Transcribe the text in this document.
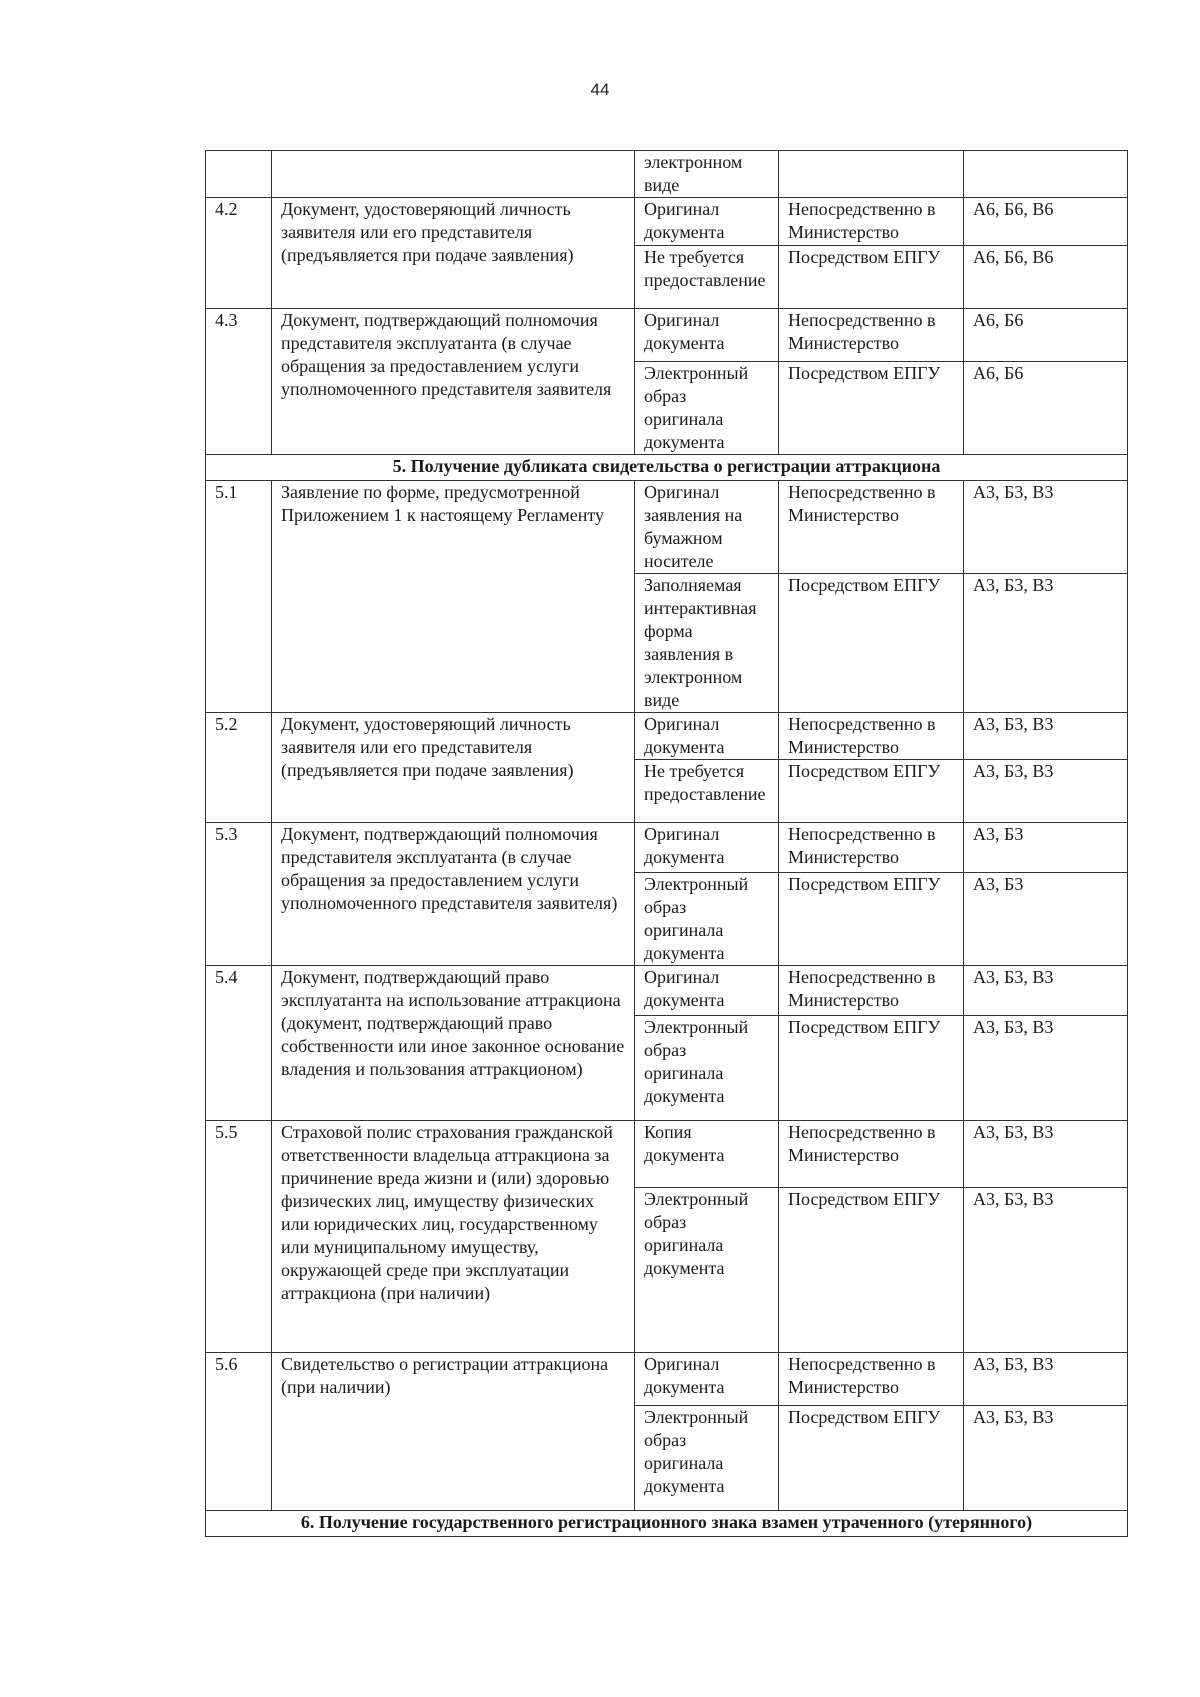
44
		электронном виде		
4.2	Документ, удостоверяющий личность заявителя или его представителя (предъявляется при подаче заявления)	Оригинал документа	Непосредственно в Министерство	А6, Б6, В6
		Не требуется предоставление	Посредством ЕПГУ	А6, Б6, В6
4.3	Документ, подтверждающий полномочия представителя эксплуатанта (в случае обращения за предоставлением услуги уполномоченного представителя заявителя	Оригинал документа	Непосредственно в Министерство	А6, Б6
		Электронный образ оригинала документа	Посредством ЕПГУ	А6, Б6
5. Получение дубликата свидетельства о регистрации аттракциона				
5.1	Заявление по форме, предусмотренной Приложением 1 к настоящему Регламенту	Оригинал заявления на бумажном носителе	Непосредственно в Министерство	А3, Б3, В3
		Заполняемая интерактивная форма заявления в электронном виде	Посредством ЕПГУ	А3, Б3, В3
5.2	Документ, удостоверяющий личность заявителя или его представителя (предъявляется при подаче заявления)	Оригинал документа	Непосредственно в Министерство	А3, Б3, В3
		Не требуется предоставление	Посредством ЕПГУ	А3, Б3, В3
5.3	Документ, подтверждающий полномочия представителя эксплуатанта (в случае обращения за предоставлением услуги уполномоченного представителя заявителя)	Оригинал документа	Непосредственно в Министерство	А3, Б3
		Электронный образ оригинала документа	Посредством ЕПГУ	А3, Б3
5.4	Документ, подтверждающий право эксплуатанта на использование аттракциона (документ, подтверждающий право собственности или иное законное основание владения и пользования аттракционом)	Оригинал документа	Непосредственно в Министерство	А3, Б3, В3
		Электронный образ оригинала документа	Посредством ЕПГУ	А3, Б3, В3
5.5	Страховой полис страхования гражданской ответственности владельца аттракциона за причинение вреда жизни и (или) здоровью физических лиц, имуществу физических или юридических лиц, государственному или муниципальному имуществу, окружающей среде при эксплуатации аттракциона (при наличии)	Копия документа	Непосредственно в Министерство	А3, Б3, В3
		Электронный образ оригинала документа	Посредством ЕПГУ	А3, Б3, В3
5.6	Свидетельство о регистрации аттракциона (при наличии)	Оригинал документа	Непосредственно в Министерство	А3, Б3, В3
		Электронный образ оригинала документа	Посредством ЕПГУ	А3, Б3, В3
6. Получение государственного регистрационного знака взамен утраченного (утерянного)				
